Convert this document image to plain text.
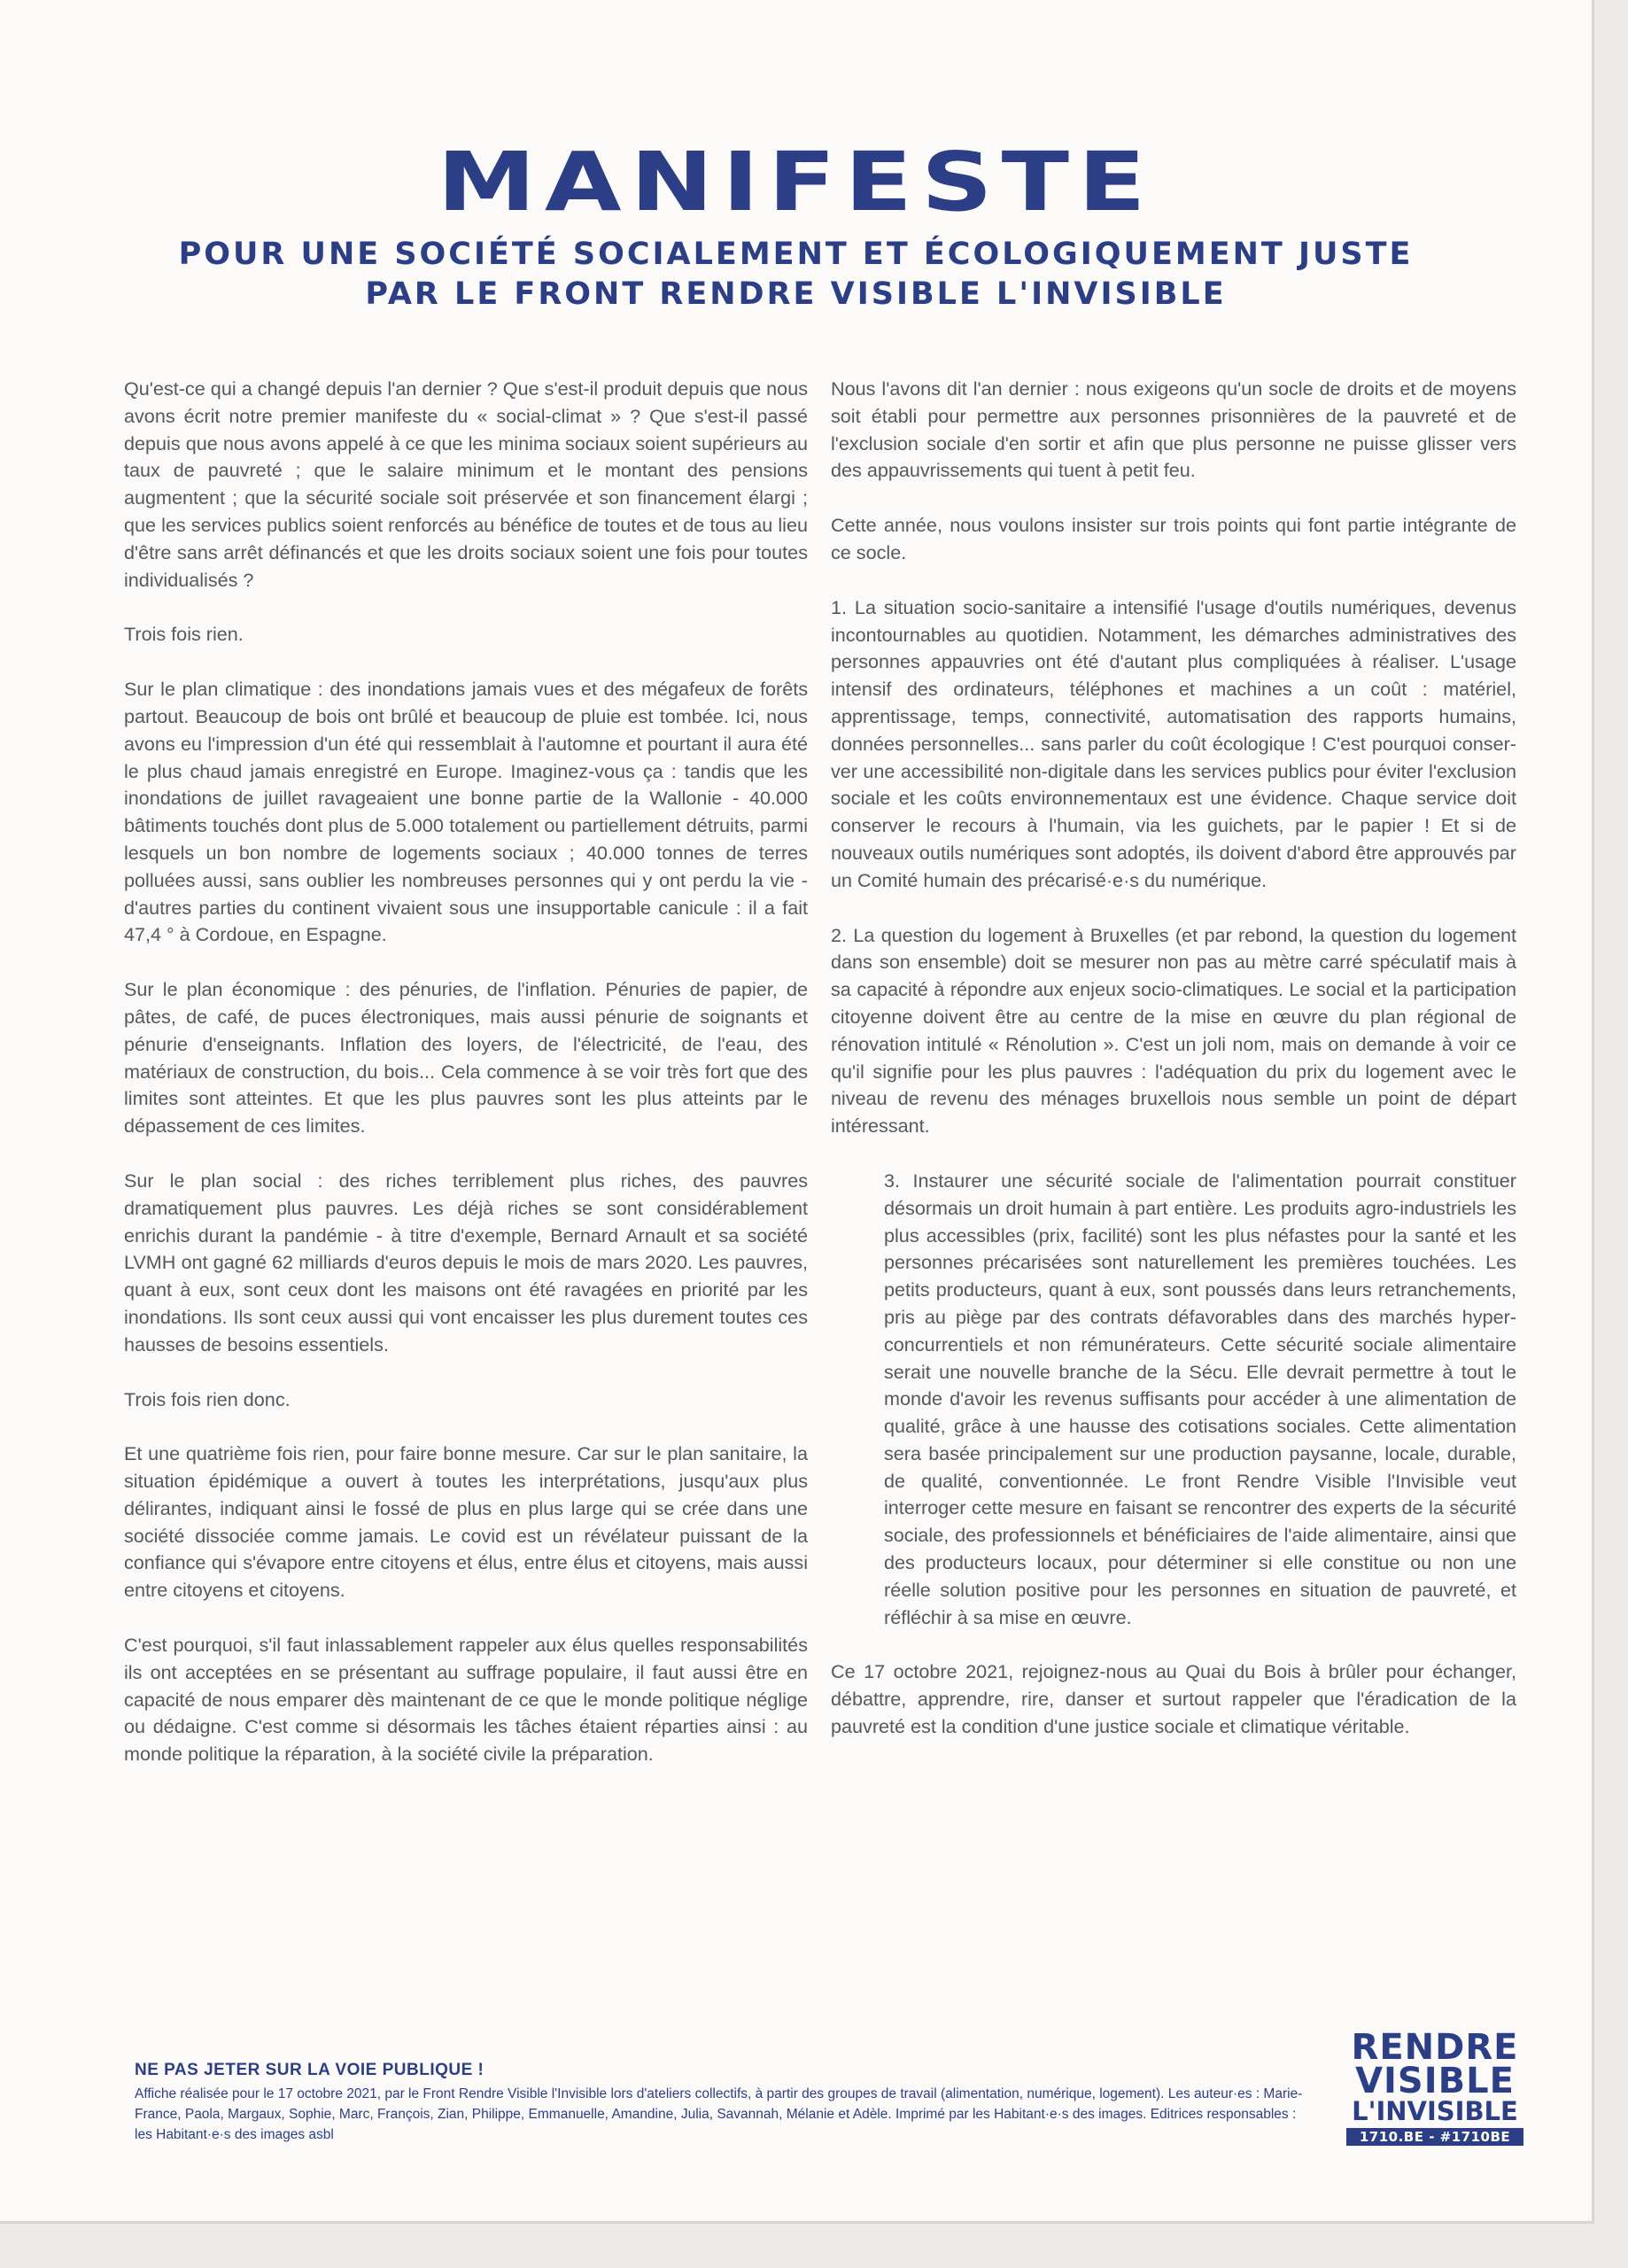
MANIFESTE
POUR UNE SOCIÉTÉ SOCIALEMENT ET ÉCOLOGIQUEMENT JUSTE
PAR LE FRONT RENDRE VISIBLE L'INVISIBLE

Qu'est-ce qui a changé depuis l'an dernier ? Que s'est-il produit depuis que nous avons écrit notre premier manifeste du « social-climat » ? Que s'est-il passé depuis que nous avons appelé à ce que les minima sociaux soient supérieurs au taux de pauvreté ; que le salaire minimum et le montant des pensions augmentent ; que la sécurité sociale soit préservée et son financement élargi ; que les services publics soient renforcés au bénéfice de toutes et de tous au lieu d'être sans arrêt définancés et que les droits sociaux soient une fois pour toutes individualisés ?

Trois fois rien.

Sur le plan climatique : des inondations jamais vues et des mégafeux de forêts partout. Beaucoup de bois ont brûlé et beaucoup de pluie est tombée. Ici, nous avons eu l'impression d'un été qui ressemblait à l'automne et pourtant il aura été le plus chaud jamais enregistré en Europe. Imaginez-vous ça : tandis que les inondations de juillet ravageaient une bonne partie de la Wallonie - 40.000 bâtiments touchés dont plus de 5.000 totalement ou partiellement détruits, parmi lesquels un bon nombre de logements sociaux ; 40.000 tonnes de terres polluées aussi, sans oublier les nombreuses personnes qui y ont perdu la vie - d'autres parties du continent vivaient sous une insupportable canicule : il a fait 47,4 ° à Cordoue, en Espagne.

Sur le plan économique : des pénuries, de l'inflation. Pénuries de papier, de pâtes, de café, de puces électroniques, mais aussi pénurie de soignants et pénurie d'enseignants. Inflation des loyers, de l'électricité, de l'eau, des matériaux de construction, du bois... Cela commence à se voir très fort que des limites sont atteintes. Et que les plus pauvres sont les plus atteints par le dépassement de ces limites.

Sur le plan social : des riches terriblement plus riches, des pauvres dramatiquement plus pauvres. Les déjà riches se sont considérablement enrichis durant la pandémie - à titre d'exemple, Bernard Arnault et sa société LVMH ont gagné 62 milliards d'euros depuis le mois de mars 2020. Les pauvres, quant à eux, sont ceux dont les maisons ont été ravagées en priorité par les inondations. Ils sont ceux aussi qui vont encaisser les plus durement toutes ces hausses de besoins essentiels.

Trois fois rien donc.

Et une quatrième fois rien, pour faire bonne mesure. Car sur le plan sanitaire, la situation épidémique a ouvert à toutes les interprétations, jusqu'aux plus délirantes, indiquant ainsi le fossé de plus en plus large qui se crée dans une société dissociée comme jamais. Le covid est un révélateur puissant de la confiance qui s'évapore entre citoyens et élus, entre élus et citoyens, mais aussi entre citoyens et citoyens.

C'est pourquoi, s'il faut inlassablement rappeler aux élus quelles responsabilités ils ont acceptées en se présentant au suffrage populaire, il faut aussi être en capacité de nous emparer dès maintenant de ce que le monde politique néglige ou dédaigne. C'est comme si désormais les tâches étaient réparties ainsi : au monde politique la réparation, à la société civile la préparation.

Nous l'avons dit l'an dernier : nous exigeons qu'un socle de droits et de moyens soit établi pour permettre aux personnes prisonnières de la pauvreté et de l'exclusion sociale d'en sortir et afin que plus personne ne puisse glisser vers des appauvrissements qui tuent à petit feu.

Cette année, nous voulons insister sur trois points qui font partie intégrante de ce socle.

1. La situation socio-sanitaire a intensifié l'usage d'outils numériques, devenus incontournables au quotidien. Notamment, les démarches administratives des personnes appauvries ont été d'autant plus compliquées à réaliser. L'usage intensif des ordinateurs, téléphones et machines a un coût : matériel, apprentissage, temps, connectivité, automatisation des rapports humains, données personnelles... sans parler du coût écologique ! C'est pourquoi conserver une accessibilité non-digitale dans les services publics pour éviter l'exclusion sociale et les coûts environnementaux est une évidence. Chaque service doit conserver le recours à l'humain, via les guichets, par le papier ! Et si de nouveaux outils numériques sont adoptés, ils doivent d'abord être approuvés par un Comité humain des précarisé·e·s du numérique.

2. La question du logement à Bruxelles (et par rebond, la question du logement dans son ensemble) doit se mesurer non pas au mètre carré spéculatif mais à sa capacité à répondre aux enjeux socio-climatiques. Le social et la participation citoyenne doivent être au centre de la mise en œuvre du plan régional de rénovation intitulé « Rénolution ». C'est un joli nom, mais on demande à voir ce qu'il signifie pour les plus pauvres : l'adéquation du prix du logement avec le niveau de revenu des ménages bruxellois nous semble un point de départ intéressant.

3. Instaurer une sécurité sociale de l'alimentation pourrait constituer désormais un droit humain à part entière. Les produits agro-industriels les plus accessibles (prix, facilité) sont les plus néfastes pour la santé et les personnes précarisées sont naturellement les premières touchées. Les petits producteurs, quant à eux, sont poussés dans leurs retranchements, pris au piège par des contrats défavorables dans des marchés hyper-concurrentiels et non rémunérateurs. Cette sécurité sociale alimentaire serait une nouvelle branche de la Sécu. Elle devrait permettre à tout le monde d'avoir les revenus suffisants pour accéder à une alimentation de qualité, grâce à une hausse des cotisations sociales. Cette alimentation sera basée principalement sur une production paysanne, locale, durable, de qualité, conventionnée. Le front Rendre Visible l'Invisible veut interroger cette mesure en faisant se rencontrer des experts de la sécurité sociale, des professionnels et bénéficiaires de l'aide alimentaire, ainsi que des producteurs locaux, pour déterminer si elle constitue ou non une réelle solution positive pour les personnes en situation de pauvreté, et réfléchir à sa mise en œuvre.

Ce 17 octobre 2021, rejoignez-nous au Quai du Bois à brûler pour échanger, débattre, apprendre, rire, danser et surtout rappeler que l'éradication de la pauvreté est la condition d'une justice sociale et climatique véritable.

NE PAS JETER SUR LA VOIE PUBLIQUE !
Affiche réalisée pour le 17 octobre 2021, par le Front Rendre Visible l'Invisible lors d'ateliers collectifs, à partir des groupes de travail (alimentation, numérique, logement). Les auteur·es : Marie-France, Paola, Margaux, Sophie, Marc, François, Zian, Philippe, Emmanuelle, Amandine, Julia, Savannah, Mélanie et Adèle. Imprimé par les Habitant·e·s des images. Editrices responsables : les Habitant·e·s des images asbl
RENDRE
VISIBLE
L'INVISIBLE
1710.BE - #1710BE
